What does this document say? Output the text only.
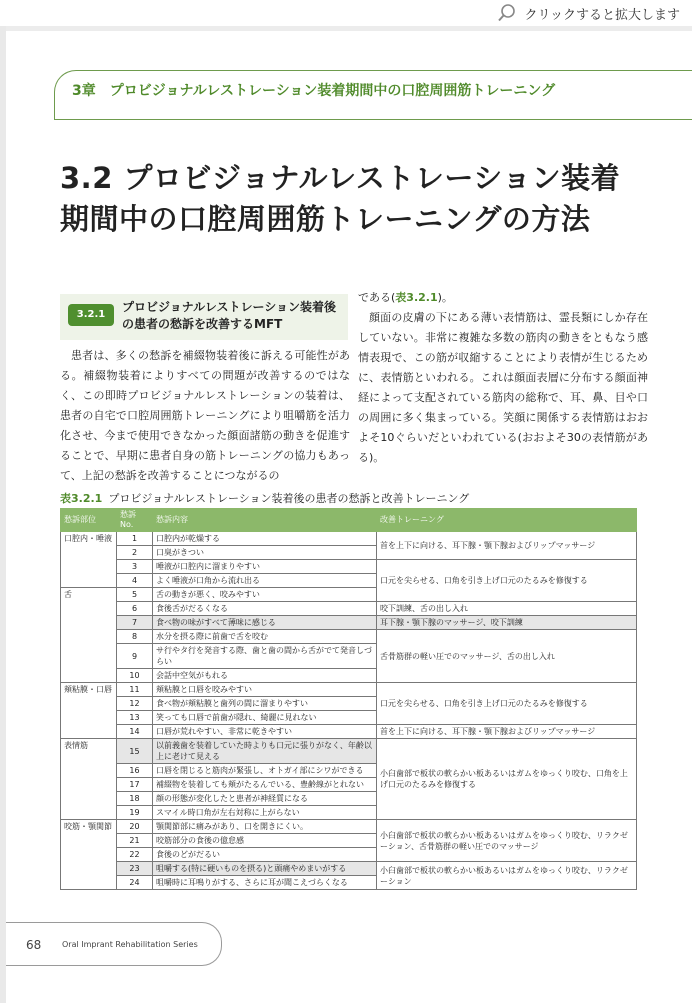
クリックすると拡大します
3章　プロビジョナルレストレーション装着期間中の口腔周囲筋トレーニング
3.2 プロビジョナルレストレーション装着
期間中の口腔周囲筋トレーニングの方法
3.2.1
プロビジョナルレストレーション装着後の患者の愁訴を改善するMFT

患者は、多くの愁訴を補綴物装着後に訴える可能性がある。補綴物装着によりすべての問題が改善するのではなく、この即時プロビジョナルレストレーションの装着は、患者の自宅で口腔周囲筋トレーニングにより咀嚼筋を活力化させ、今まで使用できなかった顔面諸筋の動きを促進することで、早期に患者自身の筋トレーニングの協力もあって、上記の愁訴を改善することにつながるの

である(表3.2.1)。

顔面の皮膚の下にある薄い表情筋は、霊長類にしか存在していない。非常に複雑な多数の筋肉の動きをともなう感情表現で、この筋が収縮することにより表情が生じるために、表情筋といわれる。これは顔面表層に分布する顔面神経によって支配されている筋肉の総称で、耳、鼻、目や口の周囲に多く集まっている。笑顔に関係する表情筋はおおよそ10ぐらいだといわれている(おおよそ30の表情筋がある)。

表3.2.1 プロビジョナルレストレーション装着後の患者の愁訴と改善トレーニング
愁訴部位	愁訴No.	愁訴内容	改善トレーニング
口腔内・唾液	1	口腔内が乾燥する	首を上下に向ける、耳下腺・顎下腺およびリップマッサージ
	2	口臭がきつい	
	3	唾液が口腔内に溜まりやすい	口元を尖らせる、口角を引き上げ口元のたるみを修復する
	4	よく唾液が口角から流れ出る	
舌	5	舌の動きが悪く、咬みやすい	
	6	食後舌がだるくなる	咬下訓練、舌の出し入れ
	7	食べ物の味がすべて薄味に感じる	耳下腺・顎下腺のマッサージ、咬下訓練
	8	水分を摂る際に前歯で舌を咬む	舌骨筋群の軽い圧でのマッサージ、舌の出し入れ
	9	サ行やタ行を発音する際、歯と歯の間から舌がでて発音しづらい	
	10	会話中空気がもれる	
頬粘膜・口唇	11	頬粘膜と口唇を咬みやすい	口元を尖らせる、口角を引き上げ口元のたるみを修復する
	12	食べ物が頬粘膜と歯列の間に溜まりやすい	
	13	笑っても口唇で前歯が隠れ、綺麗に見れない	
	14	口唇が荒れやすい、非常に乾きやすい	首を上下に向ける、耳下腺・顎下腺およびリップマッサージ
表情筋	15	以前義歯を装着していた時よりも口元に張りがなく、年齢以上に老けて見える	小臼歯部で板状の軟らかい板あるいはガムをゆっくり咬む、口角を上げ口元のたるみを修復する
	16	口唇を閉じると筋肉が緊張し、オトガイ部にシワができる	
	17	補綴物を装着しても頬がたるんでいる、豊齢線がとれない	
	18	顔の形態が変化したと患者が神経質になる	
	19	スマイル時口角が左右対称に上がらない	
咬筋・顎関節	20	顎関節部に痛みがあり、口を開きにくい。	小臼歯部で板状の軟らかい板あるいはガムをゆっくり咬む、リラクゼーション、舌骨筋群の軽い圧でのマッサージ
	21	咬筋部分の食後の億怠感	
	22	食後のどがだるい	
	23	咀嚼する(特に硬いものを摂る)と頭痛やめまいがする	小臼歯部で板状の軟らかい板あるいはガムをゆっくり咬む、リラクゼーション
	24	咀嚼時に耳鳴りがする、さらに耳が聞こえづらくなる	
68	Oral Imprant Rehabilitation Series
